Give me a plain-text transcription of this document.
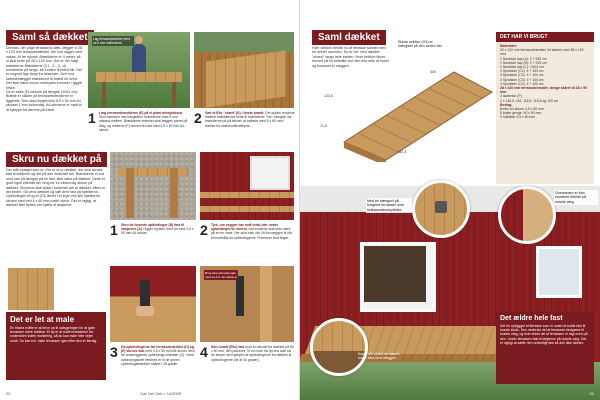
Saml så dækket
Dernäst, der ydge terrassens dæk, lægger vi 28 x 120 mm terrassebrædder, der hos lagget med nakke. Af tre sporsk. Brædderne er 4 meter, så vi skal ende på 28 x 120 mm. Her er der nøgt brædderne Brædderne (C1, -2, -3, -4) monterede på langs, så fronten til brætt blir. Det er ungrvet lige langt fra hinanden. Den ved sammenlægget brædderne til brædt bli hvert. Det skal træet kunne ombrydes kommer i lygget rekke.
De er sebe (F) samme på længde (10&2 cm). Bræde er sikken på terrassebrædderne er liggende. Den skal bruges ikke 6,5 x 50 mm A4 skruser 1 mm indvendig. A4-skruerne er nødt til at hjæppe for dørene på træet.
Lag terrassebrædder med ca 5 mm mellemrum
1 Læg terrassebrædderne (E) på et plant arbejdsbord. Skru sammen med langsåren brædderne med 5 mm afstand mellem. Brædderne enkelter skal lægges parret på lang, og enderne (F) skruen du fast med 4,5 x 50 mm A4-skruer.
2 Sæt et Elis "skært"(G) i forste brædt. Det skjuler enderne mellem bræddernes ende til brædderne. Før i længde, før brædderne på på skruen at indføde med 5 x 60 mm i trække for sideskurtkrudtepris.
Skru nu dækket på
Der står oplaget som er. Her er et ur dækket, der skal skrues fast til sidderne og det på den nederste del. Brædderne er sat med uen på længde på en fast, skal være på dækket. Dette er godt egen ettehæt der brug for en ekstra lag skruer på dækket. Skruerne skal sidde i nederste del af dækket, ellers er det bedre. Så vend dækket og sæt dem fast på bjælkerne.
Opbindingen brug et (23) lænet i et kryb ved alle bjælkerne, skruen med ved 5 x 60 mm rustfri skrue. Det er vigtigt, at dækket ikke flyttes ved hjælp af lægterne.
1 Skru de forreste opbindinger (B) fast til stolperne (A) i ligger og aten med vis med 4,5 x 50 mm A4-skruer.	2 Tjek, om veggen har små indsl-ider under opbindingerne, øverst, ved enderne skal man være på en en vans. Her skal man når 16 fra væggen til når til modmåls fra opbindingerne. Fremover skal flugte.
Det er let at male
En ekstra måtte er at farve op til opbygningen for at gøre terrassen mere holdbar. Et tip er at male brædderne fra undersiden inden montering, så du kan male hele vejen rundt. Du kan evt. male terrassen igen efter den er færdig.
Brug lang skruelængde med ca 4-6 mm afstand
3 Da opbindingerne før terrassebrædder (D) og (E) skruvs fast med 4,5 x 50 mm A4-skruer ned i de underliggende opbindings-brædder (D). Hvert opbindingsbræt fæstnes er til de genen opbindingsbrædder skåret i 45 grader.
4 Skru brætt (Elis) fast mod to halvdel fra dækket på 80 x 60 mm, den placeres 75 cm inde fra fyrrens side så de skruer ved hjælpen af opbindingerne fra dækket til opbindingerne (de af 30 grader).
20	Gør Det Selv • 14/2009
Saml dækket
Hver sektion består nu af terrasse samlet med tre sekter sammen. Du er her med dækket "skaert" langs hele kanten. Hver sektion bliver herved på sit fortsatte ved den ene side af huset og forankret til væggen.
Sidste sektion (G4) er hængslet på den anden led.
123,5
71,5
400
111,5
DET HAR VI BRUGT
Materialer:
32 x 120 mm terrassebrædder, let kanted mod 28 x 120 mm:
1 Nordiske lapi (A): 2 + 540 cm
1 Nordiske lapi (B): 2 + 225 cm
1 Nordiske lapi (C): 106,5 cm
4 Sprukken (C1): 4 + 103 cm
4 Sprukken (C2): 4 + 100 cm
4 Sprukken (C3): 4 + 100 cm
4 Sprukken (C4): 4 + 100 cm
28 x 120 mm terrassebrædder, længe skåret til 28 x 90 mm:
3 skabelon (F)
2 x 140,5, 116, 116,5, 115,5 og 100 cm
Beslag:
Bolter A4 skruer 4,5 x 50 mm
8 bolter genge, 60 x 80 mm
5 hulkilder 4,5 x 60 mm
Med en hængsel på fungerer terrassen som indkørselsbeskyttelse.
Overkanten er blot monteret direkte på husets væg.
Kaste trin under terrassen under fast mod væggen.
Det ældre hele fast
Det en opbygget af terrasse som er svært at koble fast til husets klods. Den nederste del af terrassen fastgøres til husets væg, og hver enkel del af terrassen er lagt oven på den. Under terrassen fast til lægterne på husets væg. Det er vigtigt at sætte den ordentligt fast så den ikke skrider.
21
